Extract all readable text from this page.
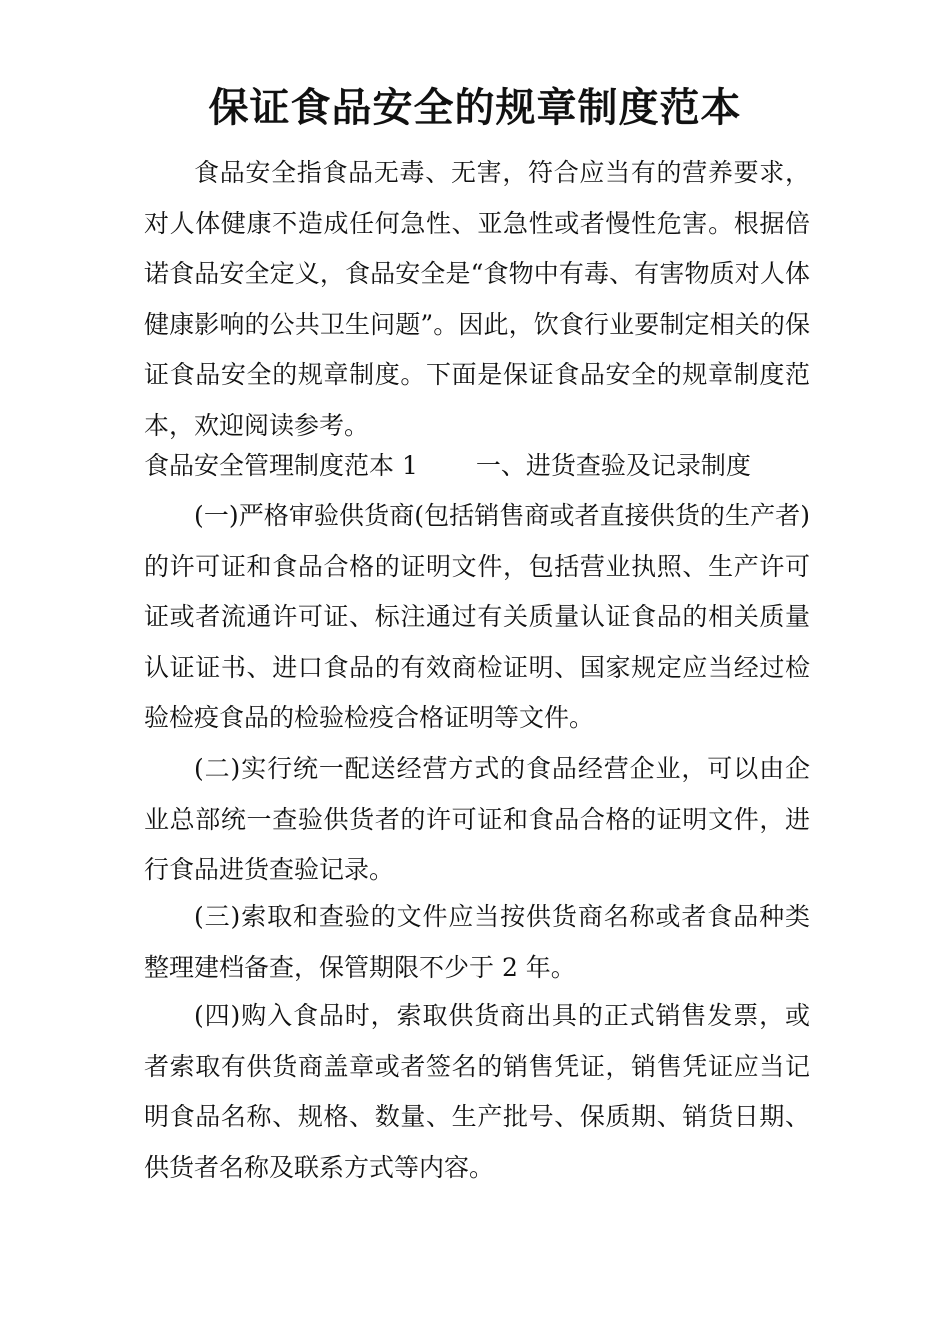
保证食品安全的规章制度范本

食品安全指食品无毒、无害，符合应当有的营养要求，对人体健康不造成任何急性、亚急性或者慢性危害。根据倍诺食品安全定义，食品安全是“食物中有毒、有害物质对人体健康影响的公共卫生问题”。因此，饮食行业要制定相关的保证食品安全的规章制度。下面是保证食品安全的规章制度范本，欢迎阅读参考。

食品安全管理制度范本 1 一、进货查验及记录制度

(一)严格审验供货商(包括销售商或者直接供货的生产者)的许可证和食品合格的证明文件，包括营业执照、生产许可证或者流通许可证、标注通过有关质量认证食品的相关质量认证证书、进口食品的有效商检证明、国家规定应当经过检验检疫食品的检验检疫合格证明等文件。

(二)实行统一配送经营方式的食品经营企业，可以由企业总部统一查验供货者的许可证和食品合格的证明文件，进行食品进货查验记录。

(三)索取和查验的文件应当按供货商名称或者食品种类整理建档备查，保管期限不少于 2 年。

(四)购入食品时，索取供货商出具的正式销售发票，或者索取有供货商盖章或者签名的销售凭证，销售凭证应当记明食品名称、规格、数量、生产批号、保质期、销货日期、供货者名称及联系方式等内容。
